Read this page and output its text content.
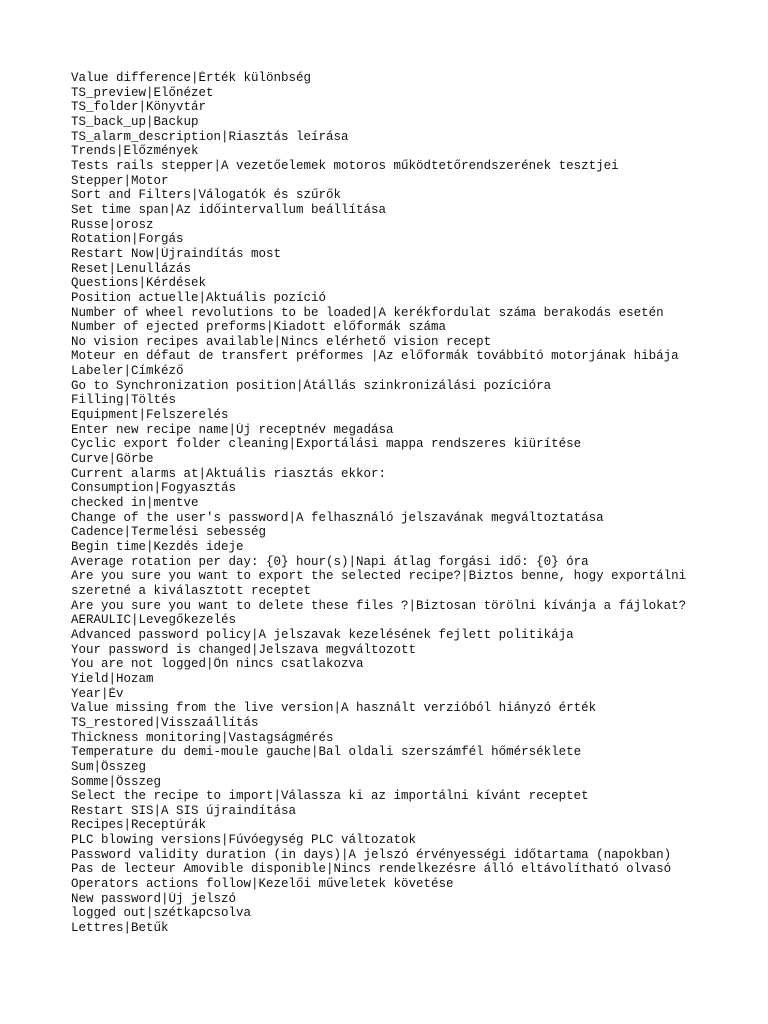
Value difference|Érték különbség
TS_preview|Előnézet
TS_folder|Könyvtár
TS_back_up|Backup
TS_alarm_description|Riasztás leírása
Trends|Előzmények
Tests rails stepper|A vezetőelemek motoros működtetőrendszerének tesztjei
Stepper|Motor
Sort and Filters|Válogatók és szűrők
Set time span|Az időintervallum beállítása
Russe|orosz
Rotation|Forgás
Restart Now|Újraindítás most
Reset|Lenullázás
Questions|Kérdések
Position actuelle|Aktuális pozíció
Number of wheel revolutions to be loaded|A kerékfordulat száma berakodás esetén
Number of ejected preforms|Kiadott előformák száma
No vision recipes available|Nincs elérhető vision recept
Moteur en défaut de transfert préformes |Az előformák továbbító motorjának hibája
Labeler|Címkéző
Go to Synchronization position|Átállás szinkronizálási pozícióra
Filling|Töltés
Equipment|Felszerelés
Enter new recipe name|Új receptnév megadása
Cyclic export folder cleaning|Exportálási mappa rendszeres kiürítése
Curve|Görbe
Current alarms at|Aktuális riasztás ekkor:
Consumption|Fogyasztás
checked in|mentve
Change of the user's password|A felhasználó jelszavának megváltoztatása
Cadence|Termelési sebesség
Begin time|Kezdés ideje
Average rotation per day: {0} hour(s)|Napi átlag forgási idő: {0} óra
Are you sure you want to export the selected recipe?|Biztos benne, hogy exportálni
szeretné a kiválasztott receptet
Are you sure you want to delete these files ?|Biztosan törölni kívánja a fájlokat?
AERAULIC|Levegőkezelés
Advanced password policy|A jelszavak kezelésének fejlett politikája
Your password is changed|Jelszava megváltozott
You are not logged|Ön nincs csatlakozva
Yield|Hozam
Year|Év
Value missing from the live version|A használt verzióból hiányzó érték
TS_restored|Visszaállítás
Thickness monitoring|Vastagságmérés
Temperature du demi-moule gauche|Bal oldali szerszámfél hőmérséklete
Sum|Összeg
Somme|Összeg
Select the recipe to import|Válassza ki az importálni kívánt receptet
Restart SIS|A SIS újraindítása
Recipes|Receptúrák
PLC blowing versions|Fúvóegység PLC változatok
Password validity duration (in days)|A jelszó érvényességi időtartama (napokban)
Pas de lecteur Amovible disponible|Nincs rendelkezésre álló eltávolítható olvasó
Operators actions follow|Kezelői műveletek követése
New password|Új jelszó
logged out|szétkapcsolva
Lettres|Betűk
